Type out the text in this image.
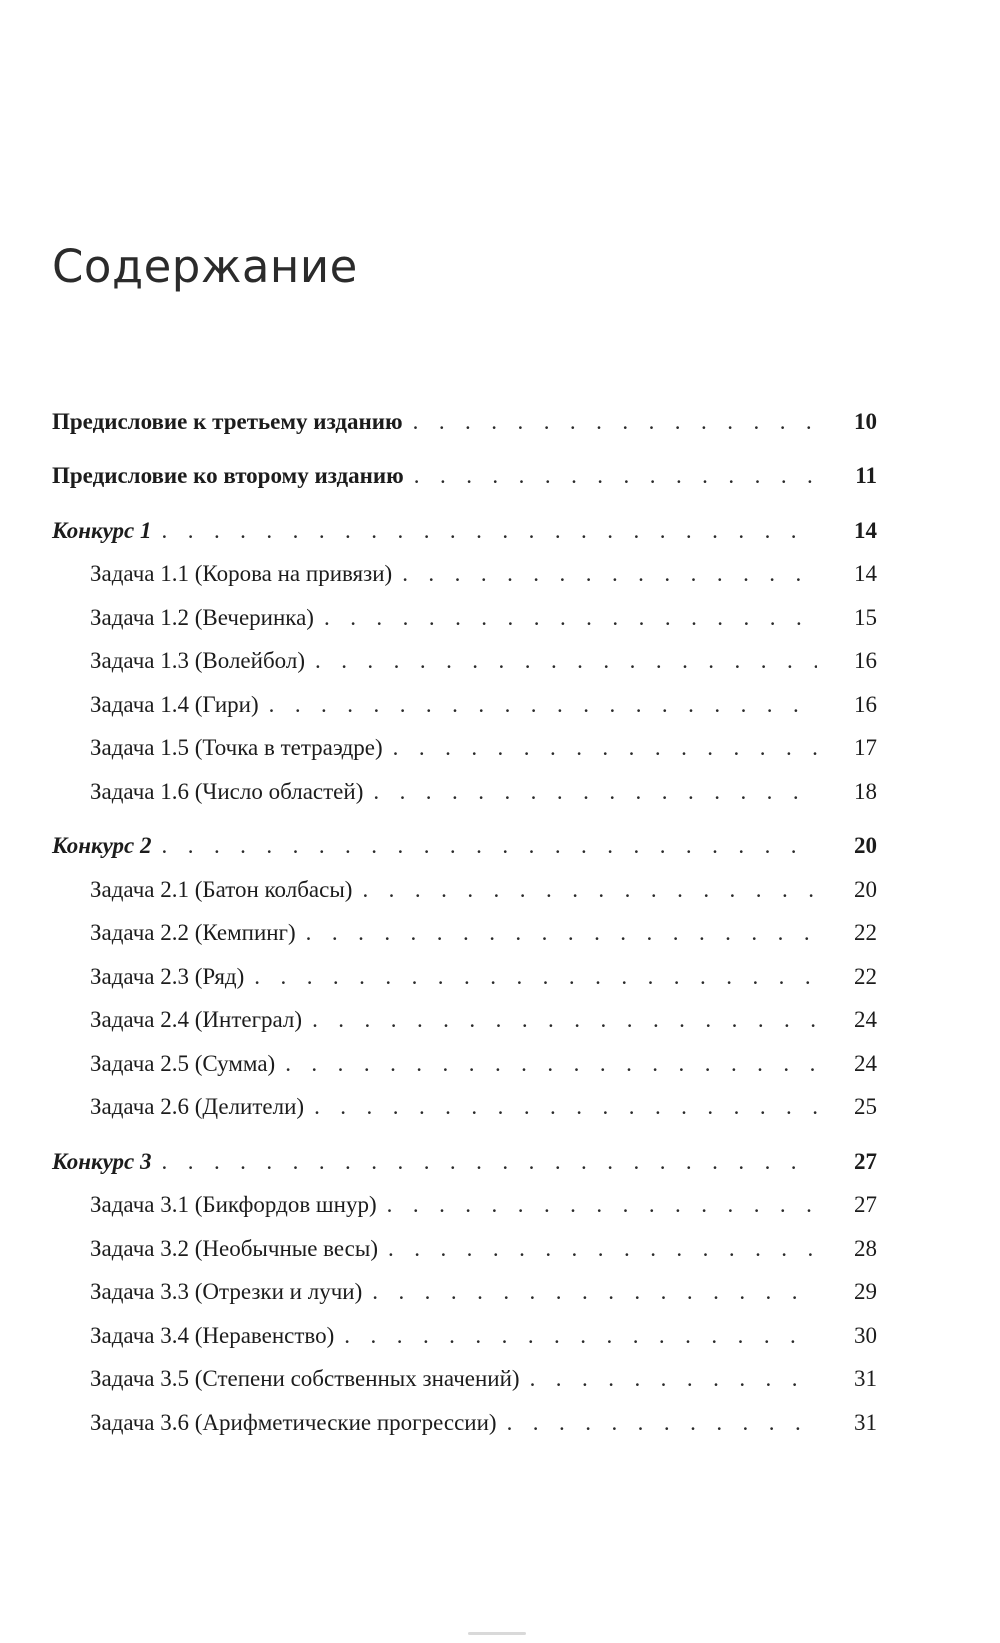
Содержание
Предисловие к третьему изданию . . .	10
Предисловие ко второму изданию . . .	11
Конкурс 1 . . .	14
Задача 1.1 (Корова на привязи) . . .	14
Задача 1.2 (Вечеринка) . . .	15
Задача 1.3 (Волейбол) . . .	16
Задача 1.4 (Гири) . . .	16
Задача 1.5 (Точка в тетраэдре) . . .	17
Задача 1.6 (Число областей) . . .	18
Конкурс 2 . . .	20
Задача 2.1 (Батон колбасы) . . .	20
Задача 2.2 (Кемпинг) . . .	22
Задача 2.3 (Ряд) . . .	22
Задача 2.4 (Интеграл) . . .	24
Задача 2.5 (Сумма) . . .	24
Задача 2.6 (Делители) . . .	25
Конкурс 3 . . .	27
Задача 3.1 (Бикфордов шнур) . . .	27
Задача 3.2 (Необычные весы) . . .	28
Задача 3.3 (Отрезки и лучи) . . .	29
Задача 3.4 (Неравенство) . . .	30
Задача 3.5 (Степени собственных значений) . . .	31
Задача 3.6 (Арифметические прогрессии) . . .	31
